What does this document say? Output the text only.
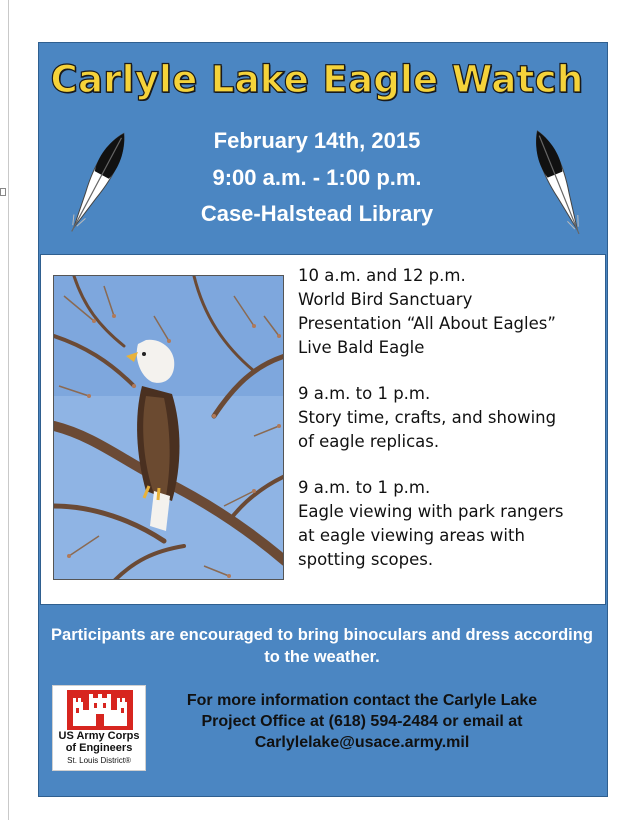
Carlyle Lake Eagle Watch
February 14th, 2015
9:00 a.m. - 1:00 p.m.
Case-Halstead Library

10 a.m. and 12 p.m.
World Bird Sanctuary
Presentation “All About Eagles”
Live Bald Eagle

9 a.m. to 1 p.m.
Story time, crafts, and showing
of eagle replicas.

9 a.m. to 1 p.m.
Eagle viewing with park rangers
at eagle viewing areas with
spotting scopes.

Participants are encouraged to bring binoculars and dress according to the weather.
US Army Corps
of Engineers
St. Louis District®
For more information contact the Carlyle Lake
Project Office at (618) 594-2484 or email at
Carlylelake@usace.army.mil
